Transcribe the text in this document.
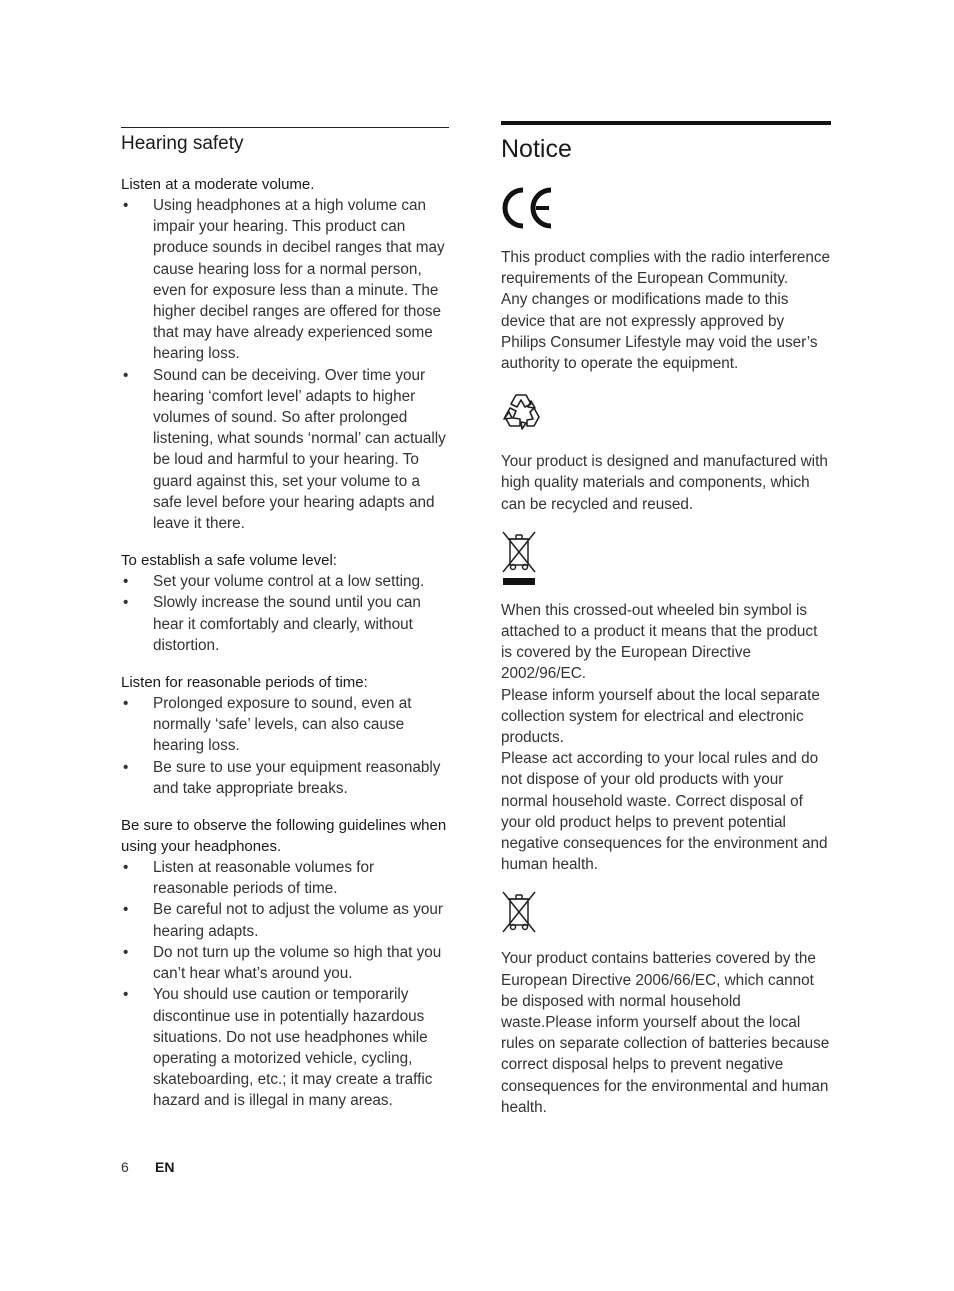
Hearing safety
Listen at a moderate volume.
• Using headphones at a high volume can impair your hearing. This product can produce sounds in decibel ranges that may cause hearing loss for a normal person, even for exposure less than a minute. The higher decibel ranges are offered for those that may have already experienced some hearing loss.
• Sound can be deceiving. Over time your hearing ‘comfort level’ adapts to higher volumes of sound. So after prolonged listening, what sounds ‘normal’ can actually be loud and harmful to your hearing. To guard against this, set your volume to a safe level before your hearing adapts and leave it there.
To establish a safe volume level:
• Set your volume control at a low setting.
• Slowly increase the sound until you can hear it comfortably and clearly, without distortion.
Listen for reasonable periods of time:
• Prolonged exposure to sound, even at normally ‘safe’ levels, can also cause hearing loss.
• Be sure to use your equipment reasonably and take appropriate breaks.
Be sure to observe the following guidelines when using your headphones.
• Listen at reasonable volumes for reasonable periods of time.
• Be careful not to adjust the volume as your hearing adapts.
• Do not turn up the volume so high that you can’t hear what’s around you.
• You should use caution or temporarily discontinue use in potentially hazardous situations. Do not use headphones while operating a motorized vehicle, cycling, skateboarding, etc.; it may create a traffic hazard and is illegal in many areas.
Notice
This product complies with the radio interference requirements of the European Community.
Any changes or modifications made to this device that are not expressly approved by Philips Consumer Lifestyle may void the user’s authority to operate the equipment.
Your product is designed and manufactured with high quality materials and components, which can be recycled and reused.
When this crossed-out wheeled bin symbol is attached to a product it means that the product is covered by the European Directive 2002/96/EC.
Please inform yourself about the local separate collection system for electrical and electronic products.
Please act according to your local rules and do not dispose of your old products with your normal household waste. Correct disposal of your old product helps to prevent potential negative consequences for the environment and human health.
Your product contains batteries covered by the European Directive 2006/66/EC, which cannot be disposed with normal household waste.Please inform yourself about the local rules on separate collection of batteries because correct disposal helps to prevent negative consequences for the environmental and human health.
6 EN
